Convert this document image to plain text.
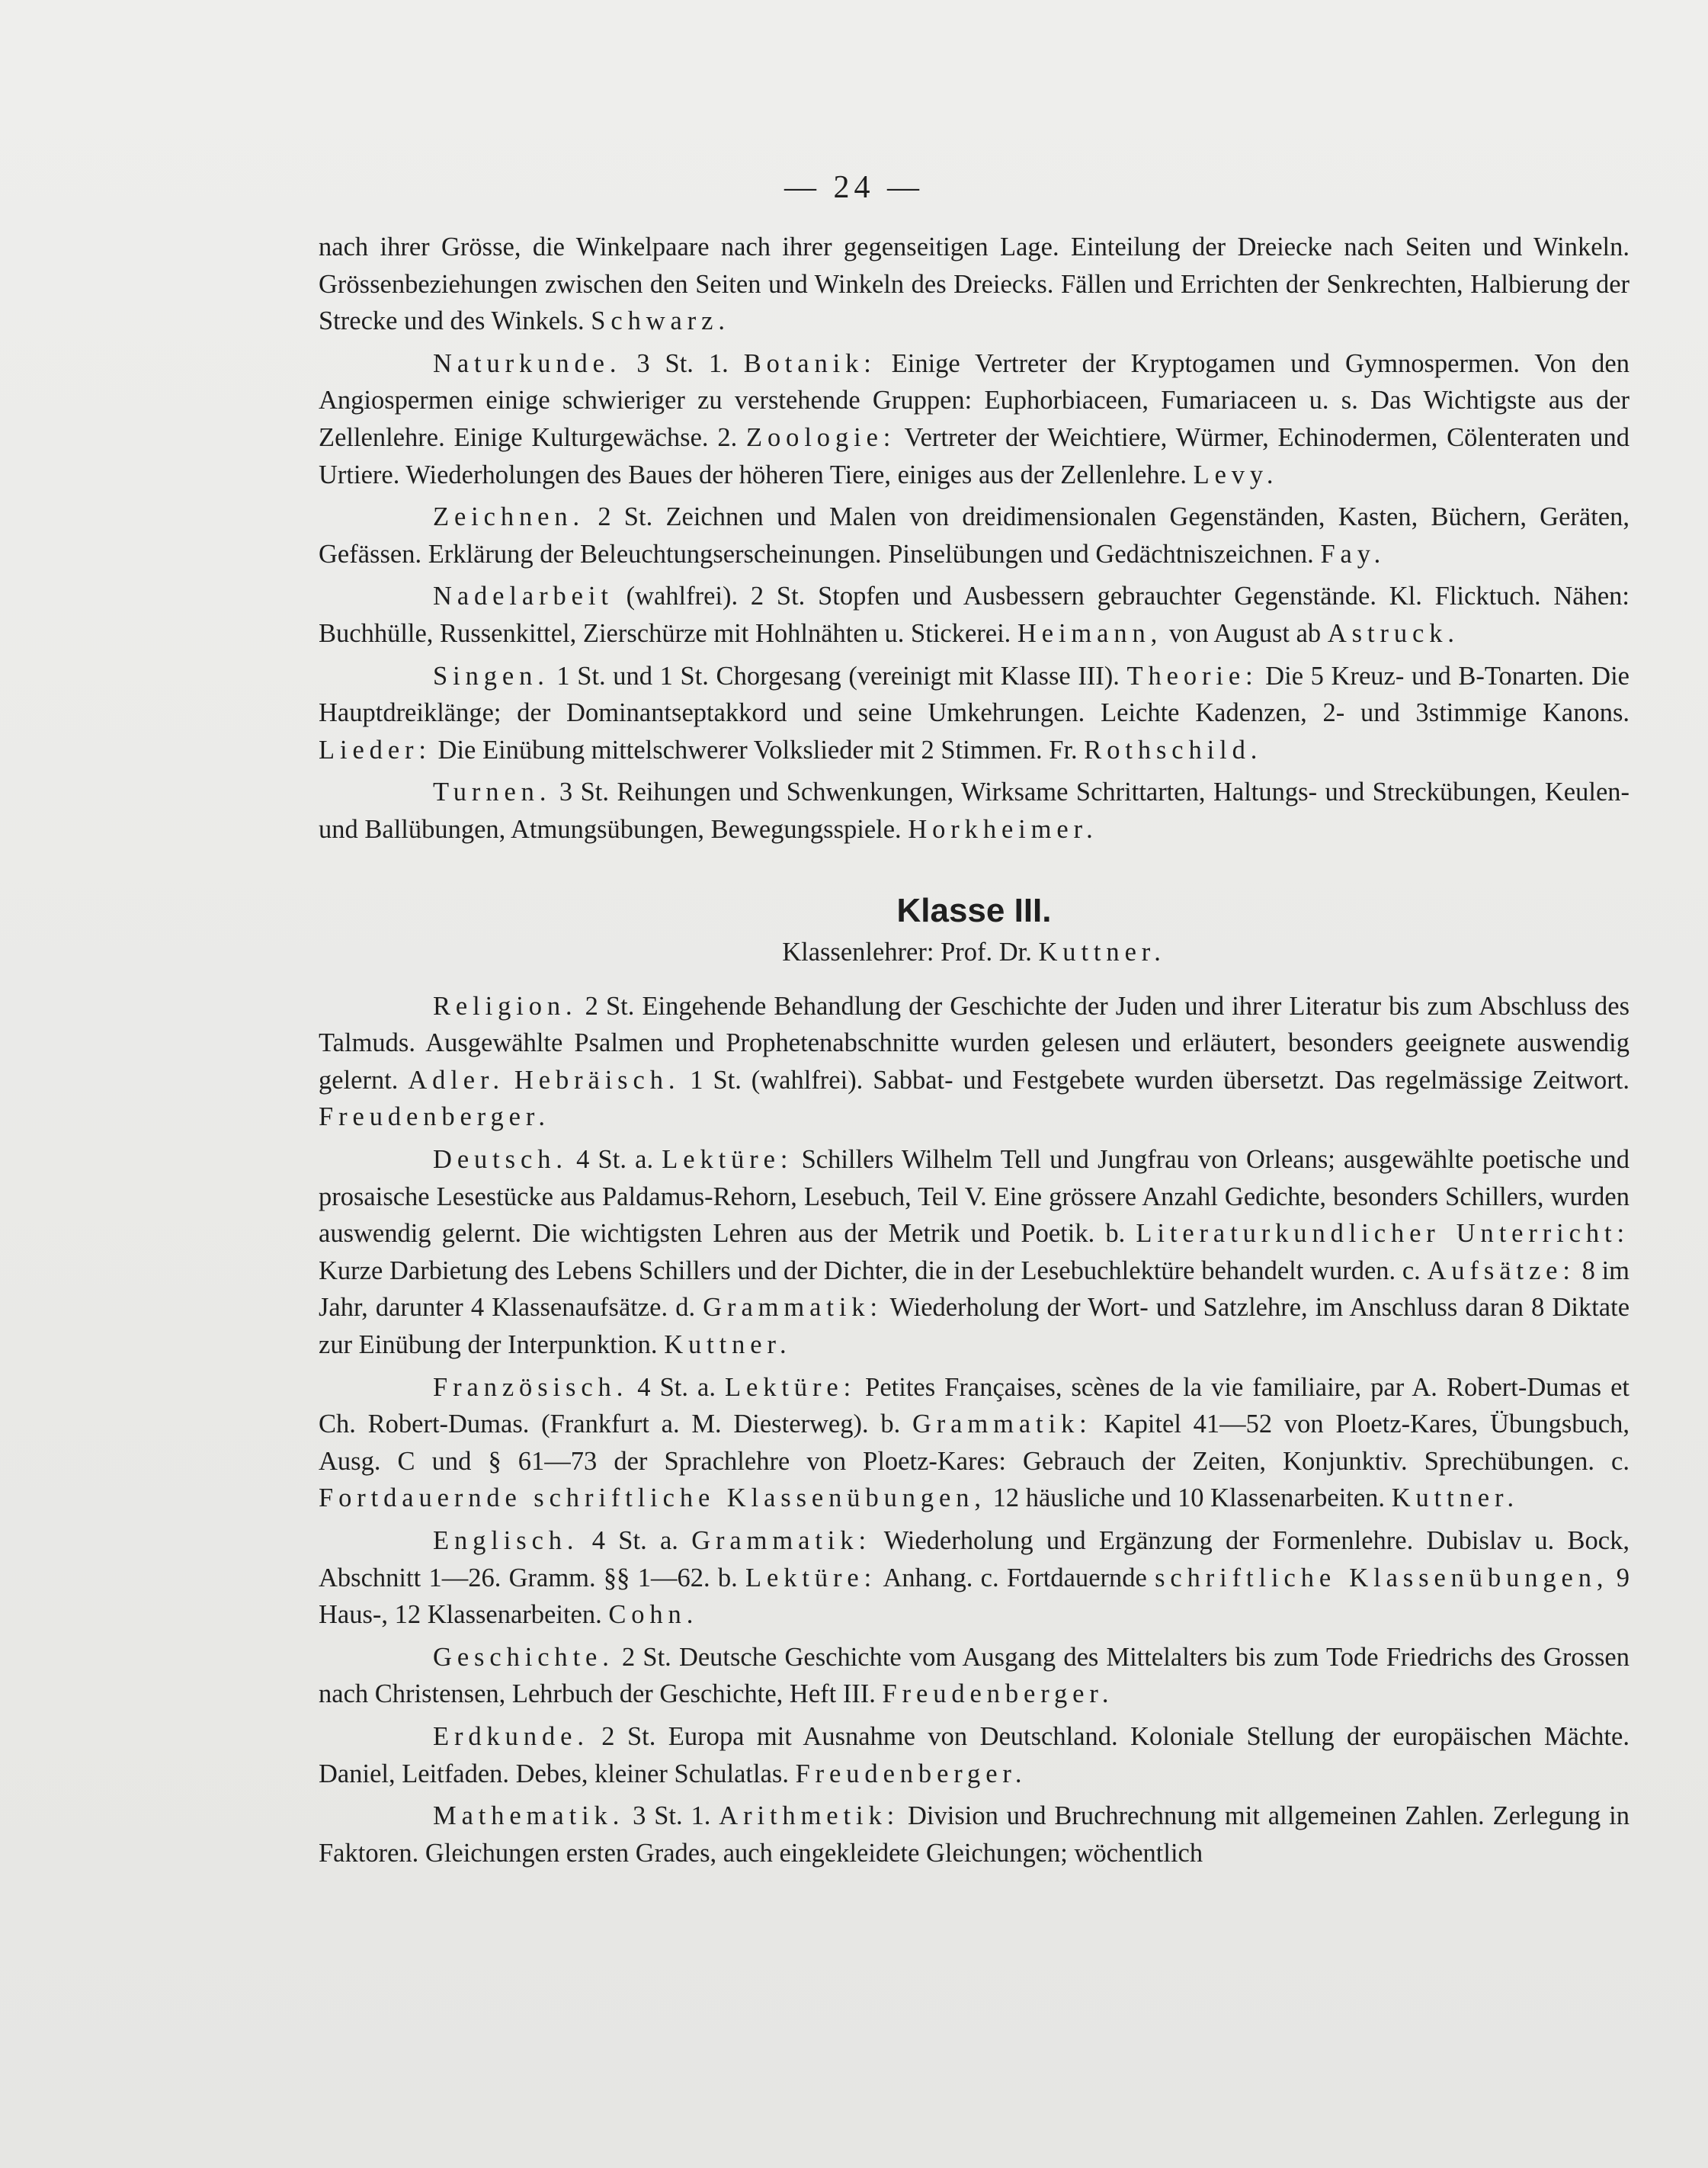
— 24 —

nach ihrer Grösse, die Winkelpaare nach ihrer gegenseitigen Lage. Einteilung der Dreiecke nach Seiten und Winkeln. Grössenbeziehungen zwischen den Seiten und Winkeln des Dreiecks. Fällen und Errichten der Senkrechten, Halbierung der Strecke und des Winkels. Schwarz.

Naturkunde. 3 St. 1. Botanik: Einige Vertreter der Kryptogamen und Gymnospermen. Von den Angiospermen einige schwieriger zu verstehende Gruppen: Euphorbiaceen, Fumariaceen u. s. Das Wichtigste aus der Zellenlehre. Einige Kulturgewächse. 2. Zoologie: Vertreter der Weichtiere, Würmer, Echinodermen, Cölenteraten und Urtiere. Wiederholungen des Baues der höheren Tiere, einiges aus der Zellenlehre. Levy.

Zeichnen. 2 St. Zeichnen und Malen von dreidimensionalen Gegenständen, Kasten, Büchern, Geräten, Gefässen. Erklärung der Beleuchtungserscheinungen. Pinselübungen und Gedächtniszeichnen. Fay.

Nadelarbeit (wahlfrei). 2 St. Stopfen und Ausbessern gebrauchter Gegenstände. Kl. Flicktuch. Nähen: Buchhülle, Russenkittel, Zierschürze mit Hohlnähten u. Stickerei. Heimann, von August ab Astruck.

Singen. 1 St. und 1 St. Chorgesang (vereinigt mit Klasse III). Theorie: Die 5 Kreuz- und B-Tonarten. Die Hauptdreiklänge; der Dominantseptakkord und seine Umkehrungen. Leichte Kadenzen, 2- und 3stimmige Kanons. Lieder: Die Einübung mittelschwerer Volkslieder mit 2 Stimmen. Fr. Rothschild.

Turnen. 3 St. Reihungen und Schwenkungen, Wirksame Schrittarten, Haltungs- und Streckübungen, Keulen- und Ballübungen, Atmungsübungen, Bewegungsspiele. Horkheimer.

Klasse III.
Klassenlehrer: Prof. Dr. Kuttner.

Religion. 2 St. Eingehende Behandlung der Geschichte der Juden und ihrer Literatur bis zum Abschluss des Talmuds. Ausgewählte Psalmen und Prophetenabschnitte wurden gelesen und erläutert, besonders geeignete auswendig gelernt. Adler. Hebräisch. 1 St. (wahlfrei). Sabbat- und Festgebete wurden übersetzt. Das regelmässige Zeitwort. Freudenberger.

Deutsch. 4 St. a. Lektüre: Schillers Wilhelm Tell und Jungfrau von Orleans; ausgewählte poetische und prosaische Lesestücke aus Paldamus-Rehorn, Lesebuch, Teil V. Eine grössere Anzahl Gedichte, besonders Schillers, wurden auswendig gelernt. Die wichtigsten Lehren aus der Metrik und Poetik. b. Literaturkundlicher Unterricht: Kurze Darbietung des Lebens Schillers und der Dichter, die in der Lesebuchlektüre behandelt wurden. c. Aufsätze: 8 im Jahr, darunter 4 Klassenaufsätze. d. Grammatik: Wiederholung der Wort- und Satzlehre, im Anschluss daran 8 Diktate zur Einübung der Interpunktion. Kuttner.

Französisch. 4 St. a. Lektüre: Petites Françaises, scènes de la vie familiaire, par A. Robert-Dumas et Ch. Robert-Dumas. (Frankfurt a. M. Diesterweg). b. Grammatik: Kapitel 41—52 von Ploetz-Kares, Übungsbuch, Ausg. C und § 61—73 der Sprachlehre von Ploetz-Kares: Gebrauch der Zeiten, Konjunktiv. Sprechübungen. c. Fortdauernde schriftliche Klassenübungen, 12 häusliche und 10 Klassenarbeiten. Kuttner.

Englisch. 4 St. a. Grammatik: Wiederholung und Ergänzung der Formenlehre. Dubislav u. Bock, Abschnitt 1—26. Gramm. §§ 1—62. b. Lektüre: Anhang. c. Fortdauernde schriftliche Klassenübungen, 9 Haus-, 12 Klassenarbeiten. Cohn.

Geschichte. 2 St. Deutsche Geschichte vom Ausgang des Mittelalters bis zum Tode Friedrichs des Grossen nach Christensen, Lehrbuch der Geschichte, Heft III. Freudenberger.

Erdkunde. 2 St. Europa mit Ausnahme von Deutschland. Koloniale Stellung der europäischen Mächte. Daniel, Leitfaden. Debes, kleiner Schulatlas. Freudenberger.

Mathematik. 3 St. 1. Arithmetik: Division und Bruchrechnung mit allgemeinen Zahlen. Zerlegung in Faktoren. Gleichungen ersten Grades, auch eingekleidete Gleichungen; wöchentlich
